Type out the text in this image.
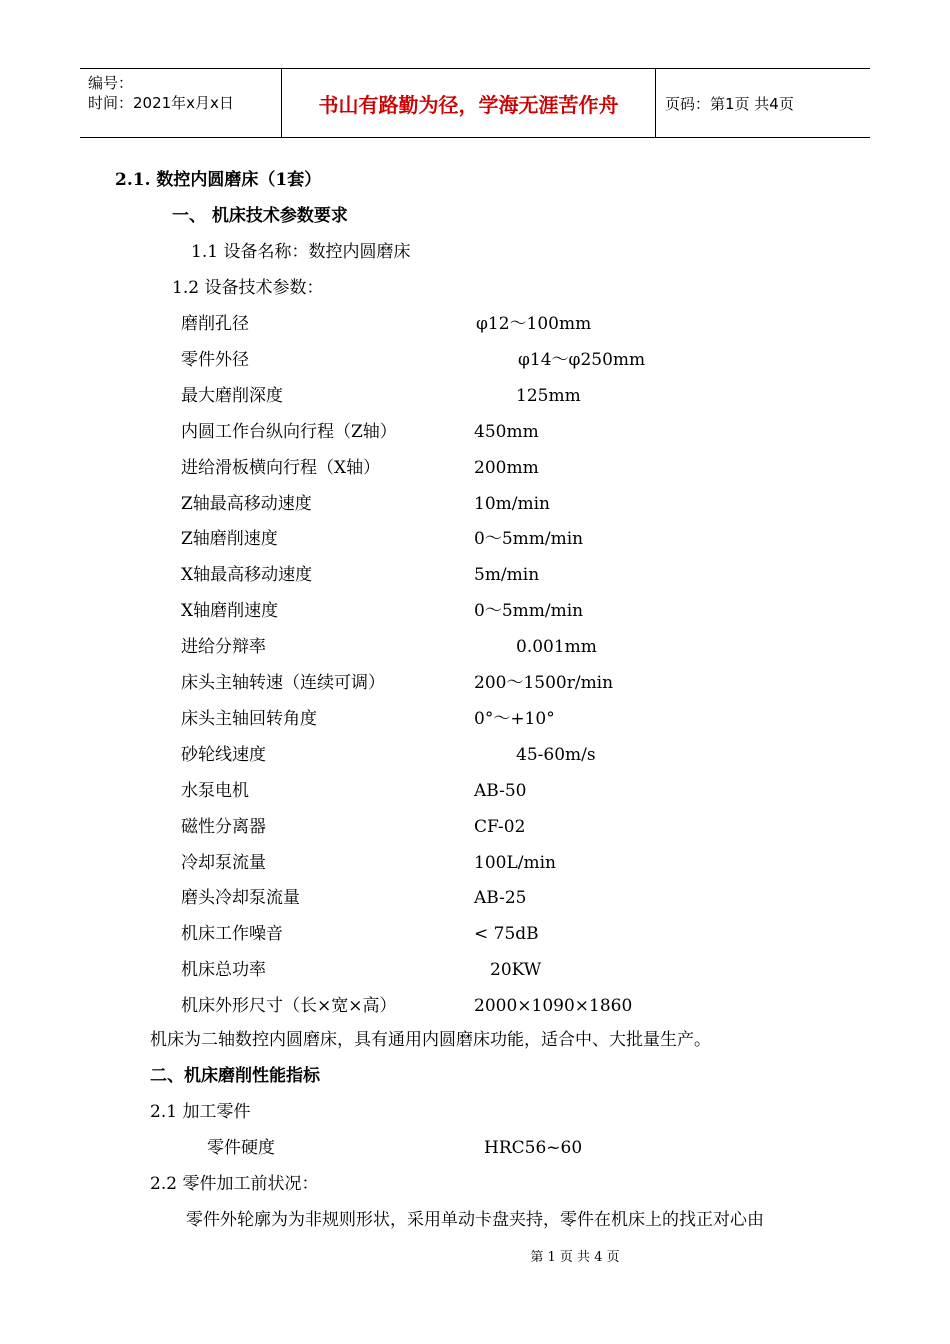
编号：
时间：2021年x月x日	书山有路勤为径，学海无涯苦作舟	页码：第1页 共4页
2.1. 数控内圆磨床（1套）
一、 机床技术参数要求
1.1 设备名称：数控内圆磨床
1.2 设备技术参数：
磨削孔径	φ12～100mm
零件外径	φ14～φ250mm
最大磨削深度	125mm
内圆工作台纵向行程（Z轴）	450mm
进给滑板横向行程（X轴）	200mm
Z轴最高移动速度	10m/min
Z轴磨削速度	0～5mm/min
X轴最高移动速度	5m/min
X轴磨削速度	0～5mm/min
进给分辩率	0.001mm
床头主轴转速（连续可调）	200～1500r/min
床头主轴回转角度	0°～+10°
砂轮线速度	45-60m/s
水泵电机	AB-50
磁性分离器	CF-02
冷却泵流量	100L/min
磨头冷却泵流量	AB-25
机床工作噪音	< 75dB
机床总功率	20KW
机床外形尺寸（长×宽×高）	2000×1090×1860
机床为二轴数控内圆磨床，具有通用内圆磨床功能，适合中、大批量生产。
二、机床磨削性能指标
2.1 加工零件
零件硬度	HRC56~60
2.2 零件加工前状况：
零件外轮廓为为非规则形状，采用单动卡盘夹持，零件在机床上的找正对心由
第 1 页 共 4 页
